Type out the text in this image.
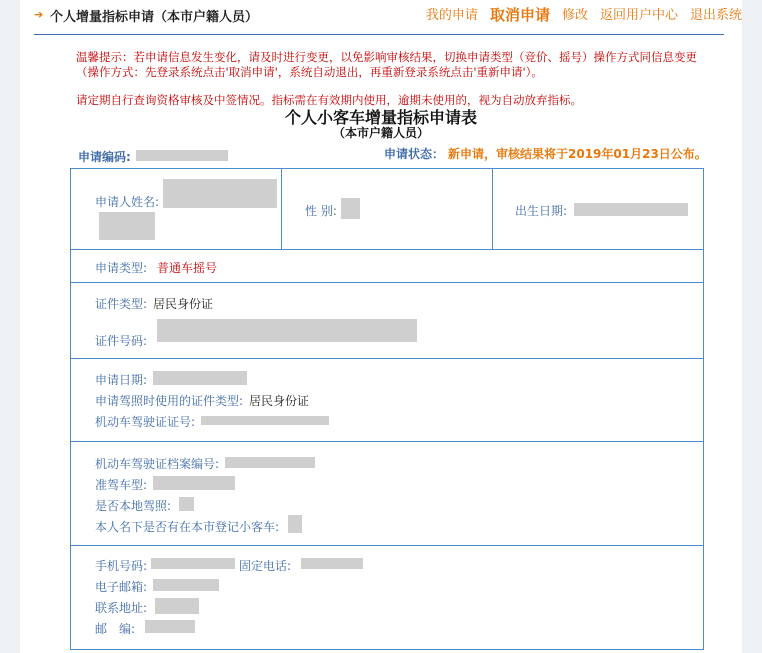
➔ 个人增量指标申请（本市户籍人员）	我的申请 取消申请 修改 返回用户中心 退出系统
温馨提示：若申请信息发生变化，请及时进行变更，以免影响审核结果，切换申请类型（竞价、摇号）操作方式同信息变更（操作方式：先登录系统点击'取消申请'，系统自动退出，再重新登录系统点击'重新申请'）。
请定期自行查询资格审核及中签情况。指标需在有效期内使用，逾期未使用的，视为自动放弃指标。
个人小客车增量指标申请表
（本市户籍人员）
申请编码:	申请状态： 新申请，审核结果将于2019年01月23日公布。
申请人姓名:
性 别:	出生日期:
申请类型: 普通车摇号
证件类型: 居民身份证
证件号码:
申请日期:
申请驾照时使用的证件类型: 居民身份证
机动车驾驶证证号:
机动车驾驶证档案编号:
准驾车型:
是否本地驾照:
本人名下是否有在本市登记小客车:
手机号码:	固定电话:
电子邮箱:
联系地址:
邮　编:
